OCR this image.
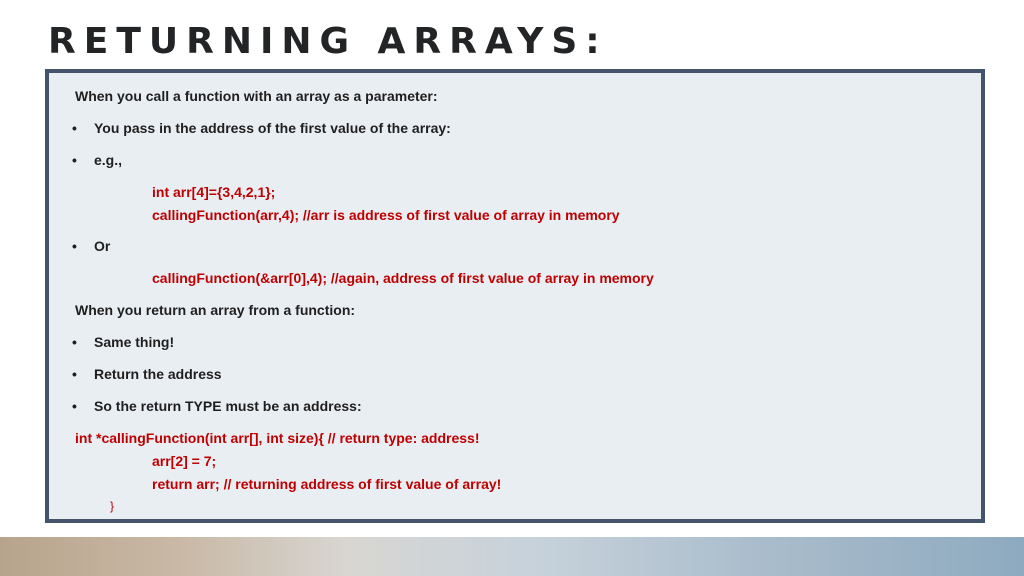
RETURNING ARRAYS:
When you call a function with an array as a parameter:
• You pass in the address of the first value of the array:
• e.g.,
int arr[4]={3,4,2,1};
callingFunction(arr,4); //arr is address of first value of array in memory
• Or
callingFunction(&arr[0],4); //again, address of first value of array in memory
When you return an array from a function:
• Same thing!
• Return the address
• So the return TYPE must be an address:
int *callingFunction(int arr[], int size){ // return type: address!
arr[2] = 7;
return arr; // returning address of first value of array!
}
